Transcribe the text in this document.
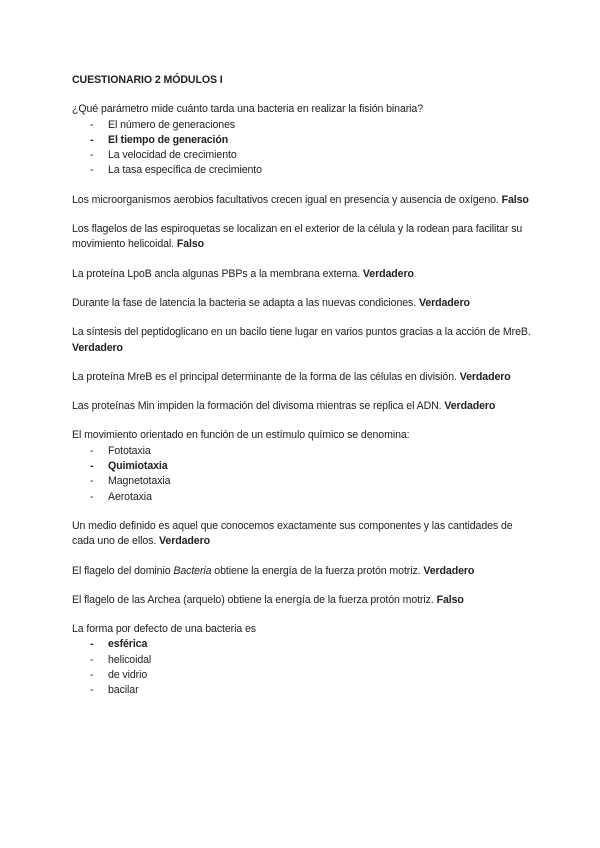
CUESTIONARIO 2 MÓDULOS I

¿Qué parámetro mide cuánto tarda una bacteria en realizar la fisión binaria?

- El número de generaciones
- El tiempo de generación
- La velocidad de crecimiento
- La tasa específica de crecimiento

Los microorganismos aerobios facultativos crecen igual en presencia y ausencia de oxígeno. Falso

Los flagelos de las espiroquetas se localizan en el exterior de la célula y la rodean para facilitar su movimiento helicoidal. Falso

La proteína LpoB ancla algunas PBPs a la membrana externa. Verdadero

Durante la fase de latencia la bacteria se adapta a las nuevas condiciones. Verdadero

La síntesis del peptidoglicano en un bacilo tiene lugar en varios puntos gracias a la acción de MreB. Verdadero

La proteína MreB es el principal determinante de la forma de las células en división. Verdadero

Las proteínas Min impiden la formación del divisoma mientras se replica el ADN. Verdadero

El movimiento orientado en función de un estímulo químico se denomina:

- Fototaxia
- Quimiotaxia
- Magnetotaxia
- Aerotaxia

Un medio definido es aquel que conocemos exactamente sus componentes y las cantidades de cada uno de ellos. Verdadero

El flagelo del dominio Bacteria obtiene la energía de la fuerza protón motriz. Verdadero

El flagelo de las Archea (arquelo) obtiene la energía de la fuerza protón motriz. Falso

La forma por defecto de una bacteria es

- esférica
- helicoidal
- de vidrio
- bacilar
